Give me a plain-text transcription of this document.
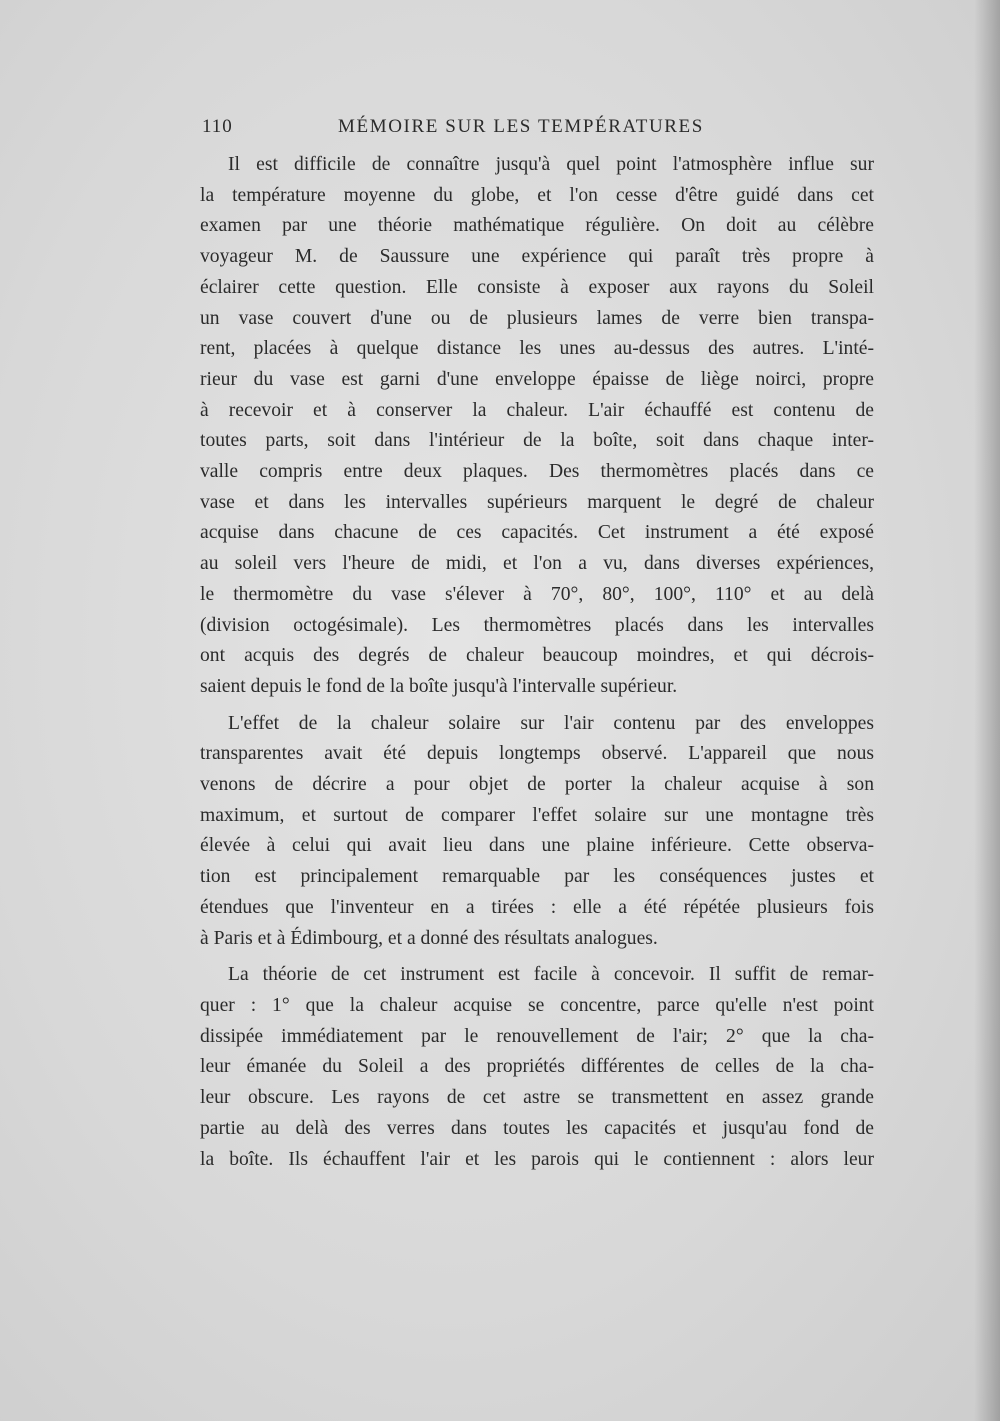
110	MÉMOIRE SUR LES TEMPÉRATURES

Il est difficile de connaître jusqu'à quel point l'atmosphère influe sur
la température moyenne du globe, et l'on cesse d'être guidé dans cet
examen par une théorie mathématique régulière. On doit au célèbre
voyageur M. de Saussure une expérience qui paraît très propre à
éclairer cette question. Elle consiste à exposer aux rayons du Soleil
un vase couvert d'une ou de plusieurs lames de verre bien transpa-
rent, placées à quelque distance les unes au-dessus des autres. L'inté-
rieur du vase est garni d'une enveloppe épaisse de liège noirci, propre
à recevoir et à conserver la chaleur. L'air échauffé est contenu de
toutes parts, soit dans l'intérieur de la boîte, soit dans chaque inter-
valle compris entre deux plaques. Des thermomètres placés dans ce
vase et dans les intervalles supérieurs marquent le degré de chaleur
acquise dans chacune de ces capacités. Cet instrument a été exposé
au soleil vers l'heure de midi, et l'on a vu, dans diverses expériences,
le thermomètre du vase s'élever à 70°, 80°, 100°, 110° et au delà
(division octogésimale). Les thermomètres placés dans les intervalles
ont acquis des degrés de chaleur beaucoup moindres, et qui décrois-
saient depuis le fond de la boîte jusqu'à l'intervalle supérieur.

L'effet de la chaleur solaire sur l'air contenu par des enveloppes
transparentes avait été depuis longtemps observé. L'appareil que nous
venons de décrire a pour objet de porter la chaleur acquise à son
maximum, et surtout de comparer l'effet solaire sur une montagne très
élevée à celui qui avait lieu dans une plaine inférieure. Cette observa-
tion est principalement remarquable par les conséquences justes et
étendues que l'inventeur en a tirées : elle a été répétée plusieurs fois
à Paris et à Édimbourg, et a donné des résultats analogues.

La théorie de cet instrument est facile à concevoir. Il suffit de remar-
quer : 1° que la chaleur acquise se concentre, parce qu'elle n'est point
dissipée immédiatement par le renouvellement de l'air; 2° que la cha-
leur émanée du Soleil a des propriétés différentes de celles de la cha-
leur obscure. Les rayons de cet astre se transmettent en assez grande
partie au delà des verres dans toutes les capacités et jusqu'au fond de
la boîte. Ils échauffent l'air et les parois qui le contiennent : alors leur
